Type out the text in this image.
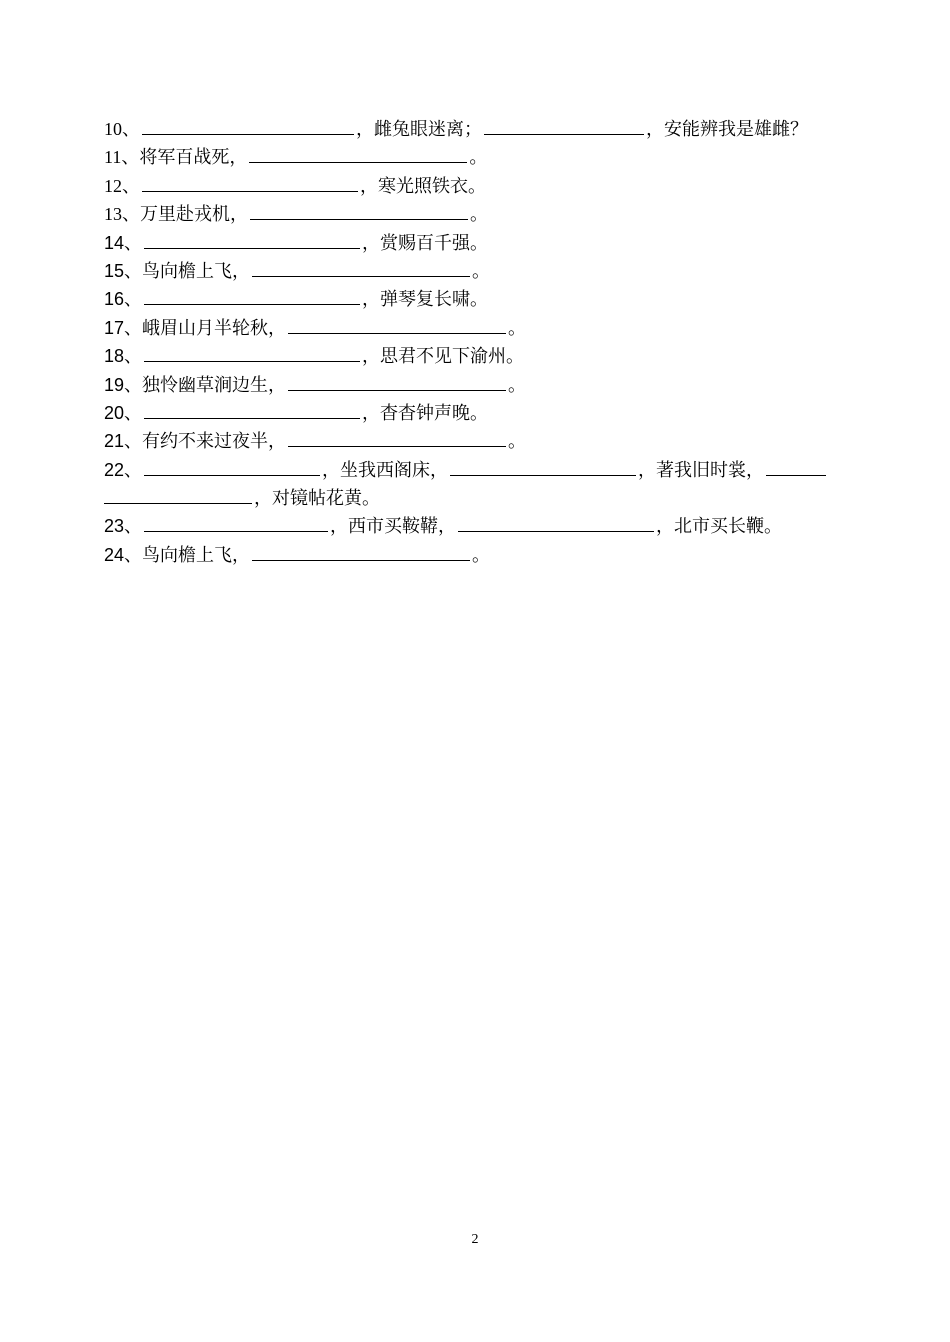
10、	，雌兔眼迷离；	，安能辨我是雄雌？
11、将军百战死，	。
12、	，寒光照铁衣。
13、万里赴戎机，	。
14、	，赏赐百千强。
15、鸟向檐上飞，	。
16、	，弹琴复长啸。
17、峨眉山月半轮秋，	。
18、	，思君不见下渝州。
19、独怜幽草涧边生，	。
20、	，杳杳钟声晚。
21、有约不来过夜半，	。
22、	，坐我西阁床，	，著我旧时裳，
，对镜帖花黄。
23、	，西市买鞍鞯，	，北市买长鞭。
24、鸟向檐上飞，	。
2
